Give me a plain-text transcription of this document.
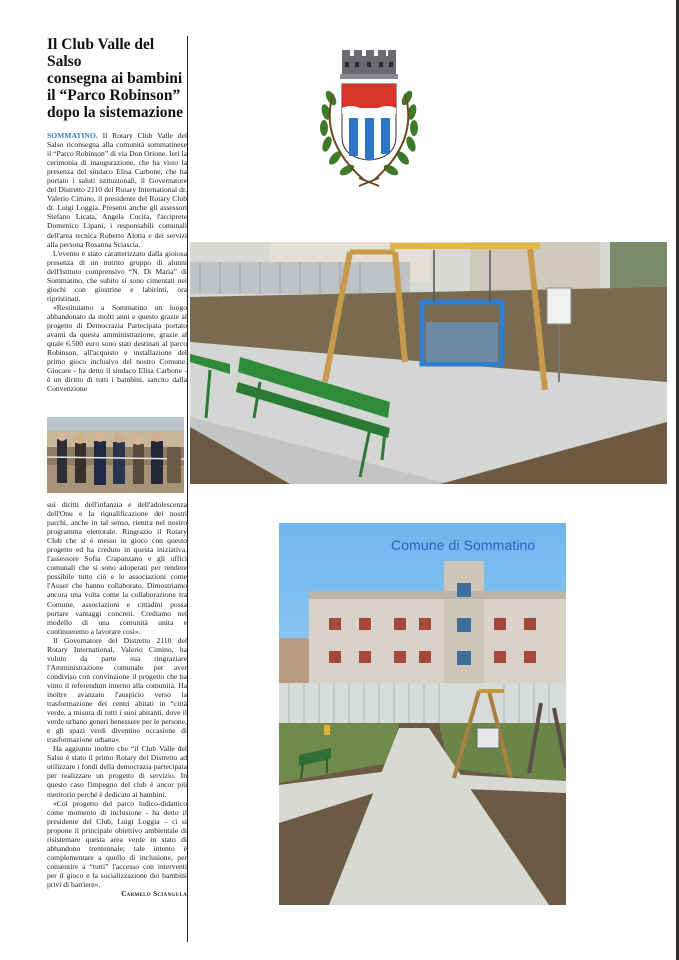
Il Club Valle del Salso
consegna ai bambini
il “Parco Robinson”
dopo la sistemazione

SOMMATINO. Il Rotary Club Valle del Salso riconsegna alla comunità sommatinese il “Parco Robinson” di via Don Orione. Ieri la cerimonia di inaugurazione, che ha visto la presenza del sindaco Elisa Carbone, che ha portato i saluti istituzionali, il Governatore del Distretto 2110 del Rotary International dr. Valerio Cimino, il presidente del Rotary Club dr. Luigi Loggia. Presenti anche gli assessori Stefano Licata, Angela Cocita, l'arciprete Domenico Lipani, i responsabili comunali dell'area tecnica Roberto Alotta e dei servizi alla persona Rosanna Sciascia.

L'evento è stato caratterizzato dalla gioiosa presenza di un nutrito gruppo di alunni dell'Istituto comprensivo “N. Di Maria” di Sommatino, che subito si sono cimentati nei giochi con giostrine e labirinti, ora ripristinati.

«Restituiamo a Sommatino un luogo abbandonato da molti anni e questo grazie al progetto di Democrazia Partecipata portato avanti da questa amministrazione, grazie al quale 6.500 euro sono stati destinati al parco Robinson, all'acquisto e installazione del primo gioco inclusivo del nostro Comune. Giocare - ha detto il sindaco Elisa Carbone - è un diritto di tutti i bambini, sancito dalla Convenzione

sui diritti dell'infanzia e dell'adolescenza dell'Onu e la riqualificazione dei nostri parchi, anche in tal senso, rientra nel nostro programma elettorale. Ringrazio il Rotary Club che si è messo in gioco con questo progetto ed ha creduto in questa iniziativa, l'assessore Sofia Crapanzano e gli uffici comunali che si sono adoperati per rendere possibile tutto ciò e le associazioni come l'Auser che hanno collaborato. Dimostriamo ancora una volta come la collaborazione tra Comune, associazioni e cittadini possa portare vantaggi concreti. Crediamo nel modello di una comunità unita e continueremo a lavorare così».

Il Governatore del Distretto 2110 del Rotary International, Valerio Cimino, ha voluto da parte sua ringraziare l'Amministrazione comunale per aver condiviso con convinzione il progetto che ha vinto il referendum interno alla comunità. Ha inoltre avanzato l'auspicio verso la trasformazione dei centri abitati in “città verde, a misura di tutti i suoi abitanti, dove il verde urbano generi benessere per le persone, e gli spazi verdi diventino occasione di trasformazione urbana».

Ha aggiunto inoltre che “il Club Valle del Salso è stato il primo Rotary del Distretto ad utilizzare i fondi della democrazia partecipata per realizzare un progetto di servizio. In questo caso l'impegno del club è ancor più meritorio perché è dedicato ai bambini.

«Col progetto del parco ludico-didattico come momento di inclusione - ha detto il presidente del Club, Luigi Loggia – ci si propone il principale obiettivo ambientale di risistemare questa area verde in stato di abbandono trentennale; tale intento è complementare a quello di inclusione, per consentire a “tutti” l'accesso con interventi per il gioco e la socializzazione dei bambini privi di barriere».

Carmelo Sciangula
Comune di Sommatino
